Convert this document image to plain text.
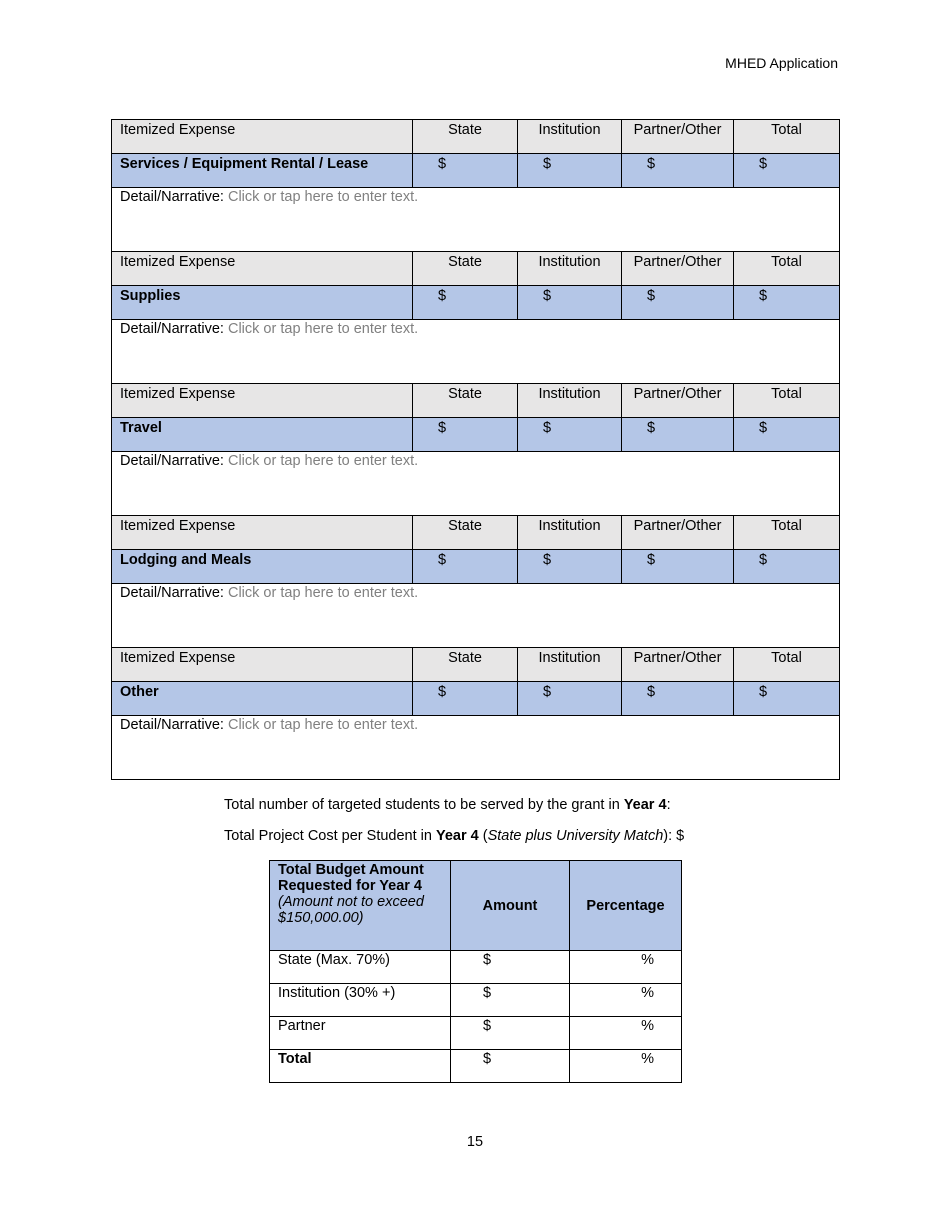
MHED Application
Itemized Expense	State	Institution	Partner/Other	Total
Services / Equipment Rental / Lease	$	$	$	$
Detail/Narrative: Click or tap here to enter text.				
Itemized Expense	State	Institution	Partner/Other	Total
Supplies	$	$	$	$
Detail/Narrative: Click or tap here to enter text.				
Itemized Expense	State	Institution	Partner/Other	Total
Travel	$	$	$	$
Detail/Narrative: Click or tap here to enter text.				
Itemized Expense	State	Institution	Partner/Other	Total
Lodging and Meals	$	$	$	$
Detail/Narrative: Click or tap here to enter text.				
Itemized Expense	State	Institution	Partner/Other	Total
Other	$	$	$	$
Detail/Narrative: Click or tap here to enter text.				
Total number of targeted students to be served by the grant in Year 4:
Total Project Cost per Student in Year 4 (State plus University Match): $
Total Budget Amount Requested for Year 4
(Amount not to exceed $150,000.00)	Amount	Percentage
State (Max. 70%)	$	%
Institution (30% +)	$	%
Partner	$	%
Total	$	%
15
